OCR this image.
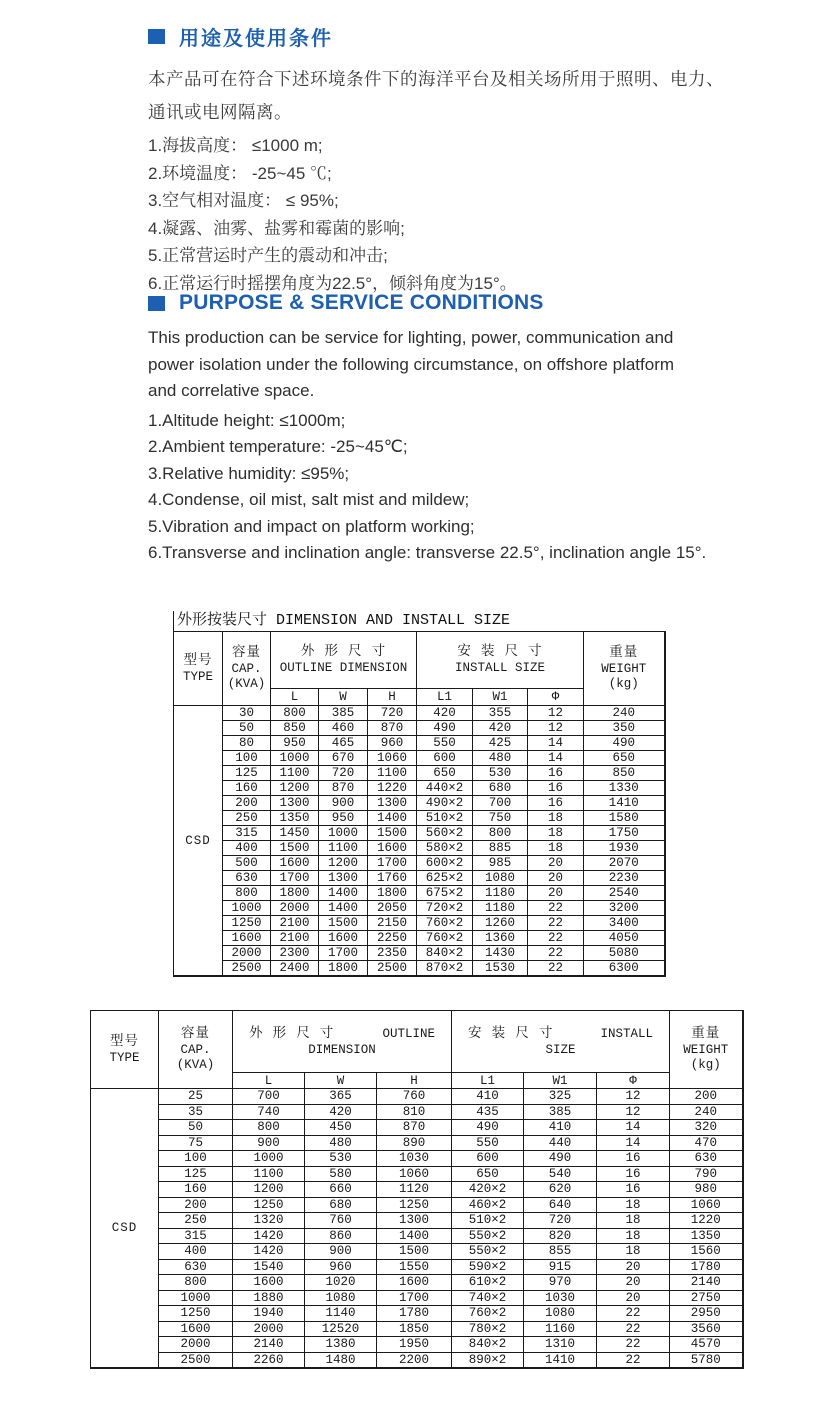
用途及使用条件
本产品可在符合下述环境条件下的海洋平台及相关场所用于照明、电力、
通讯或电网隔离。
1.海拔高度： ≤1000 m;
2.环境温度： -25~45 ℃;
3.空气相对温度： ≤ 95%;
4.凝露、油雾、盐雾和霉菌的影响;
5.正常营运时产生的震动和冲击;
6.正常运行时摇摆角度为22.5°，倾斜角度为15°。
PURPOSE & SERVICE CONDITIONS
This production can be service for lighting, power, communication and
power isolation under the following circumstance, on offshore platform
and correlative space.
1.Altitude height: ≤1000m;
2.Ambient temperature: -25~45℃;
3.Relative humidity: ≤95%;
4.Condense, oil mist, salt mist and mildew;
5.Vibration and impact on platform working;
6.Transverse and inclination angle: transverse 22.5°, inclination angle 15°.
外形按装尺寸 DIMENSION AND INSTALL SIZE
型号
TYPE

容量
CAP.
(KVA)

外 形 尺 寸
OUTLINE DIMENSION

安 装 尺 寸
INSTALL SIZE

重量
WEIGHT
(kg)

		L	W	H	L1	W1	Φ	
CSD	30	800	385	720	420	355	12	240
	50	850	460	870	490	420	12	350
	80	950	465	960	550	425	14	490
	100	1000	670	1060	600	480	14	650
	125	1100	720	1100	650	530	16	850
	160	1200	870	1220	440×2	680	16	1330
	200	1300	900	1300	490×2	700	16	1410
	250	1350	950	1400	510×2	750	18	1580
	315	1450	1000	1500	560×2	800	18	1750
	400	1500	1100	1600	580×2	885	18	1930
	500	1600	1200	1700	600×2	985	20	2070
	630	1700	1300	1760	625×2	1080	20	2230
	800	1800	1400	1800	675×2	1180	20	2540
	1000	2000	1400	2050	720×2	1180	22	3200
	1250	2100	1500	2150	760×2	1260	22	3400
	1600	2100	1600	2250	760×2	1360	22	4050
	2000	2300	1700	2350	840×2	1430	22	5080
	2500	2400	1800	2500	870×2	1530	22	6300
型号
TYPE

容量
CAP.
(KVA)

外 形 尺 寸	OUTLINE
DIMENSION

安 装 尺 寸	INSTALL
SIZE

重量
WEIGHT
(kg)

		L	W	H	L1	W1	Φ	
CSD	25	700	365	760	410	325	12	200
	35	740	420	810	435	385	12	240
	50	800	450	870	490	410	14	320
	75	900	480	890	550	440	14	470
	100	1000	530	1030	600	490	16	630
	125	1100	580	1060	650	540	16	790
	160	1200	660	1120	420×2	620	16	980
	200	1250	680	1250	460×2	640	18	1060
	250	1320	760	1300	510×2	720	18	1220
	315	1420	860	1400	550×2	820	18	1350
	400	1420	900	1500	550×2	855	18	1560
	630	1540	960	1550	590×2	915	20	1780
	800	1600	1020	1600	610×2	970	20	2140
	1000	1880	1080	1700	740×2	1030	20	2750
	1250	1940	1140	1780	760×2	1080	22	2950
	1600	2000	12520	1850	780×2	1160	22	3560
	2000	2140	1380	1950	840×2	1310	22	4570
	2500	2260	1480	2200	890×2	1410	22	5780
